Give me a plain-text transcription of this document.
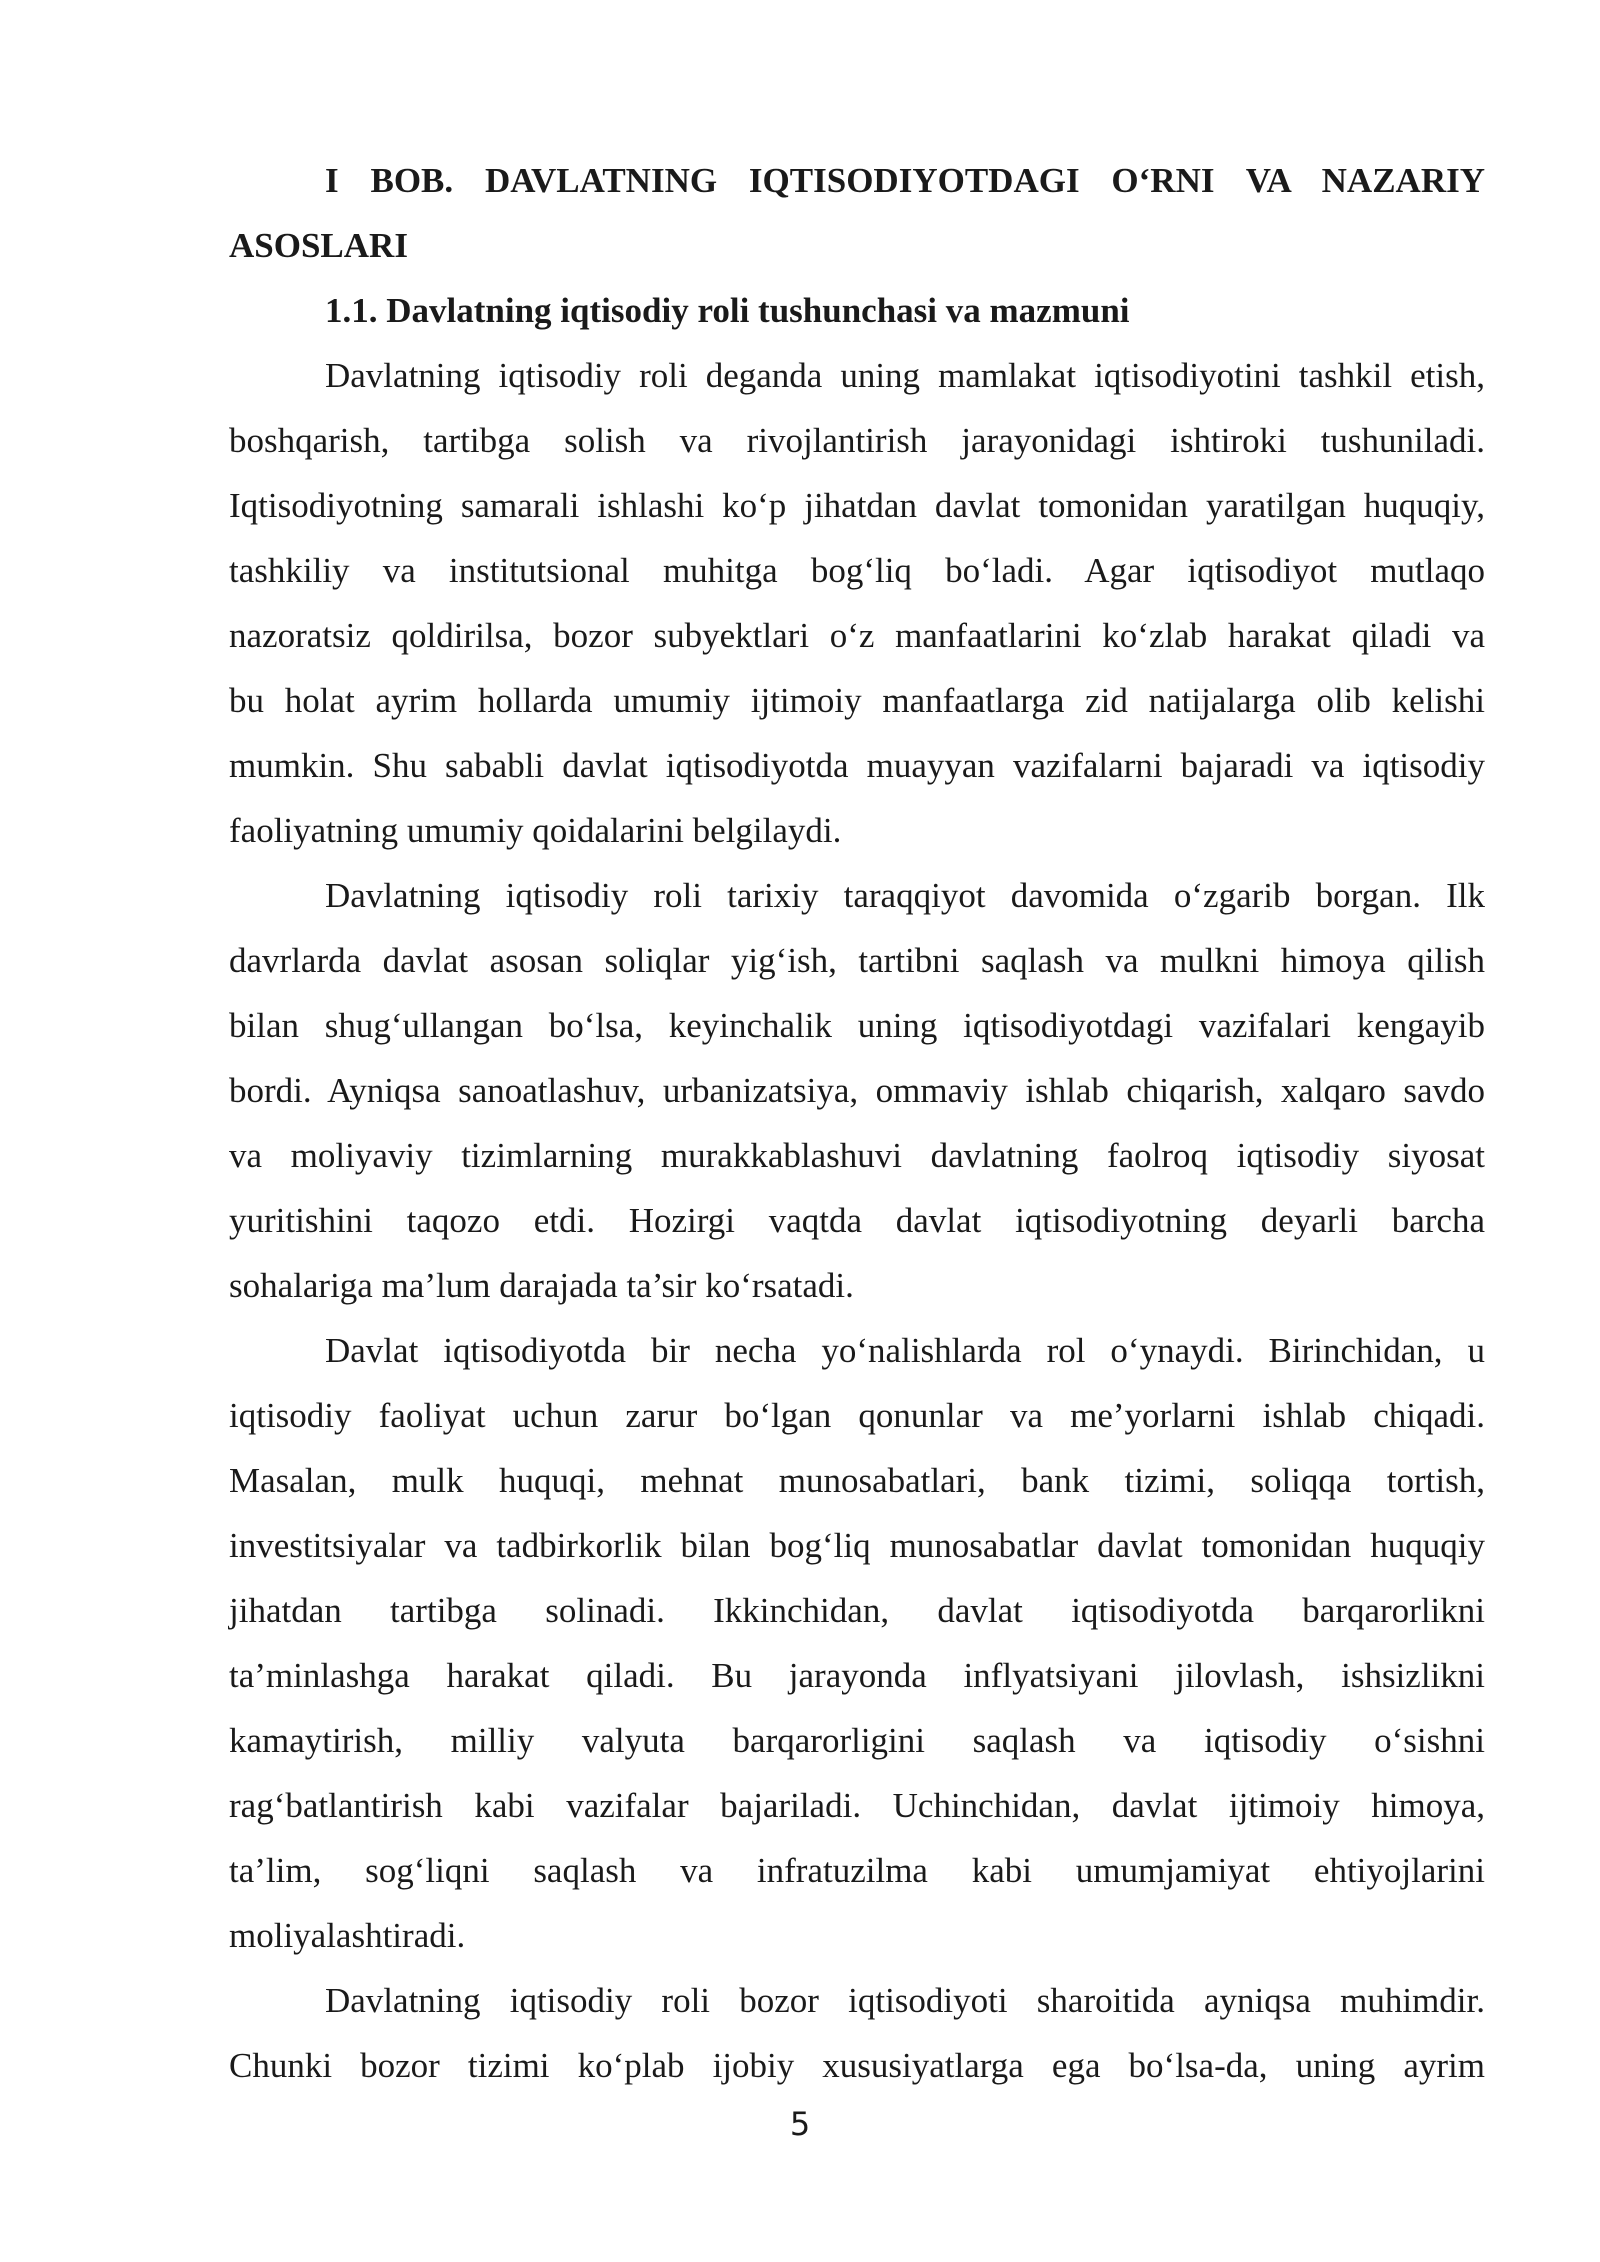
I BOB. DAVLATNING IQTISODIYOTDAGI O‘RNI VA NAZARIY
ASOSLARI
1.1. Davlatning iqtisodiy roli tushunchasi va mazmuni
Davlatning iqtisodiy roli deganda uning mamlakat iqtisodiyotini tashkil etish,
boshqarish, tartibga solish va rivojlantirish jarayonidagi ishtiroki tushuniladi.
Iqtisodiyotning samarali ishlashi ko‘p jihatdan davlat tomonidan yaratilgan huquqiy,
tashkiliy va institutsional muhitga bog‘liq bo‘ladi. Agar iqtisodiyot mutlaqo
nazoratsiz qoldirilsa, bozor subyektlari o‘z manfaatlarini ko‘zlab harakat qiladi va
bu holat ayrim hollarda umumiy ijtimoiy manfaatlarga zid natijalarga olib kelishi
mumkin. Shu sababli davlat iqtisodiyotda muayyan vazifalarni bajaradi va iqtisodiy
faoliyatning umumiy qoidalarini belgilaydi.
Davlatning iqtisodiy roli tarixiy taraqqiyot davomida o‘zgarib borgan. Ilk
davrlarda davlat asosan soliqlar yig‘ish, tartibni saqlash va mulkni himoya qilish
bilan shug‘ullangan bo‘lsa, keyinchalik uning iqtisodiyotdagi vazifalari kengayib
bordi. Ayniqsa sanoatlashuv, urbanizatsiya, ommaviy ishlab chiqarish, xalqaro savdo
va moliyaviy tizimlarning murakkablashuvi davlatning faolroq iqtisodiy siyosat
yuritishini taqozo etdi. Hozirgi vaqtda davlat iqtisodiyotning deyarli barcha
sohalariga ma’lum darajada ta’sir ko‘rsatadi.
Davlat iqtisodiyotda bir necha yo‘nalishlarda rol o‘ynaydi. Birinchidan, u
iqtisodiy faoliyat uchun zarur bo‘lgan qonunlar va me’yorlarni ishlab chiqadi.
Masalan, mulk huquqi, mehnat munosabatlari, bank tizimi, soliqqa tortish,
investitsiyalar va tadbirkorlik bilan bog‘liq munosabatlar davlat tomonidan huquqiy
jihatdan tartibga solinadi. Ikkinchidan, davlat iqtisodiyotda barqarorlikni
ta’minlashga harakat qiladi. Bu jarayonda inflyatsiyani jilovlash, ishsizlikni
kamaytirish, milliy valyuta barqarorligini saqlash va iqtisodiy o‘sishni
rag‘batlantirish kabi vazifalar bajariladi. Uchinchidan, davlat ijtimoiy himoya,
ta’lim, sog‘liqni saqlash va infratuzilma kabi umumjamiyat ehtiyojlarini
moliyalashtiradi.
Davlatning iqtisodiy roli bozor iqtisodiyoti sharoitida ayniqsa muhimdir.
Chunki bozor tizimi ko‘plab ijobiy xususiyatlarga ega bo‘lsa-da, uning ayrim
5
